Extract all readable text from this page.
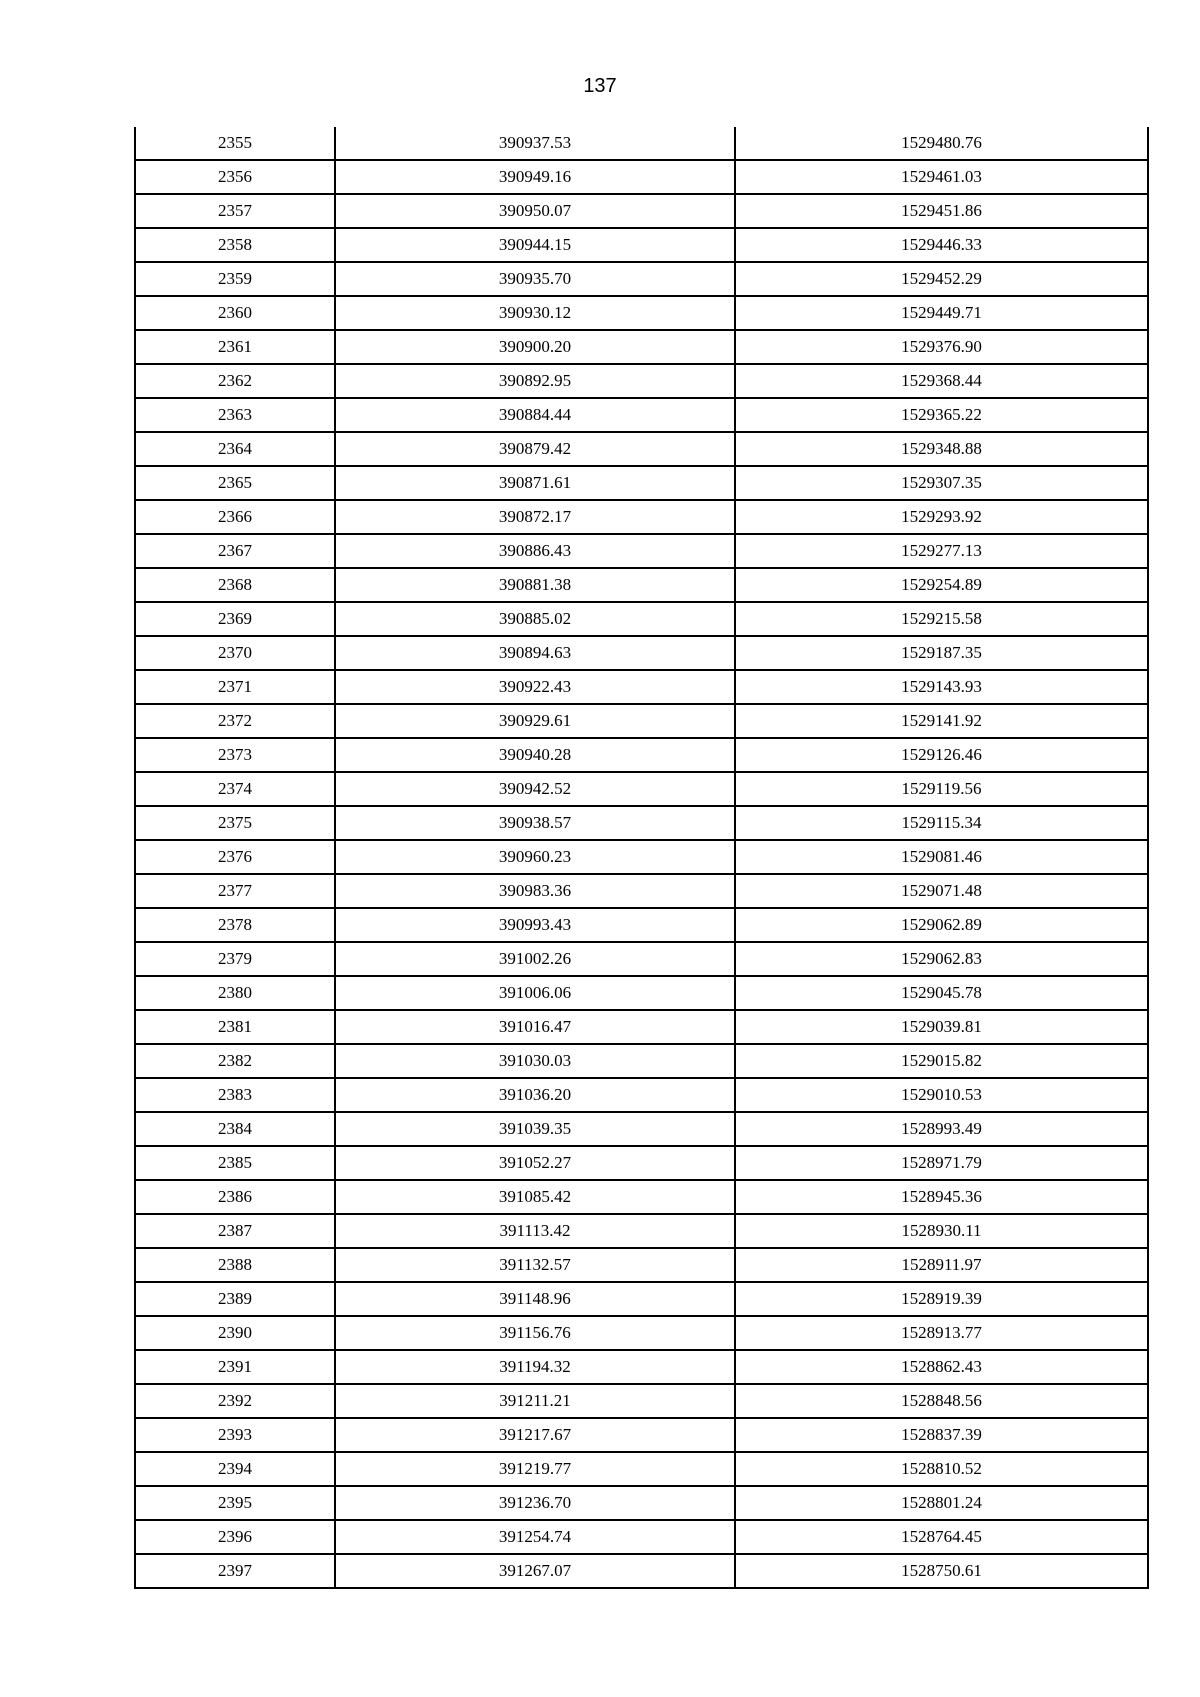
137
2355	390937.53	1529480.76
2356	390949.16	1529461.03
2357	390950.07	1529451.86
2358	390944.15	1529446.33
2359	390935.70	1529452.29
2360	390930.12	1529449.71
2361	390900.20	1529376.90
2362	390892.95	1529368.44
2363	390884.44	1529365.22
2364	390879.42	1529348.88
2365	390871.61	1529307.35
2366	390872.17	1529293.92
2367	390886.43	1529277.13
2368	390881.38	1529254.89
2369	390885.02	1529215.58
2370	390894.63	1529187.35
2371	390922.43	1529143.93
2372	390929.61	1529141.92
2373	390940.28	1529126.46
2374	390942.52	1529119.56
2375	390938.57	1529115.34
2376	390960.23	1529081.46
2377	390983.36	1529071.48
2378	390993.43	1529062.89
2379	391002.26	1529062.83
2380	391006.06	1529045.78
2381	391016.47	1529039.81
2382	391030.03	1529015.82
2383	391036.20	1529010.53
2384	391039.35	1528993.49
2385	391052.27	1528971.79
2386	391085.42	1528945.36
2387	391113.42	1528930.11
2388	391132.57	1528911.97
2389	391148.96	1528919.39
2390	391156.76	1528913.77
2391	391194.32	1528862.43
2392	391211.21	1528848.56
2393	391217.67	1528837.39
2394	391219.77	1528810.52
2395	391236.70	1528801.24
2396	391254.74	1528764.45
2397	391267.07	1528750.61
